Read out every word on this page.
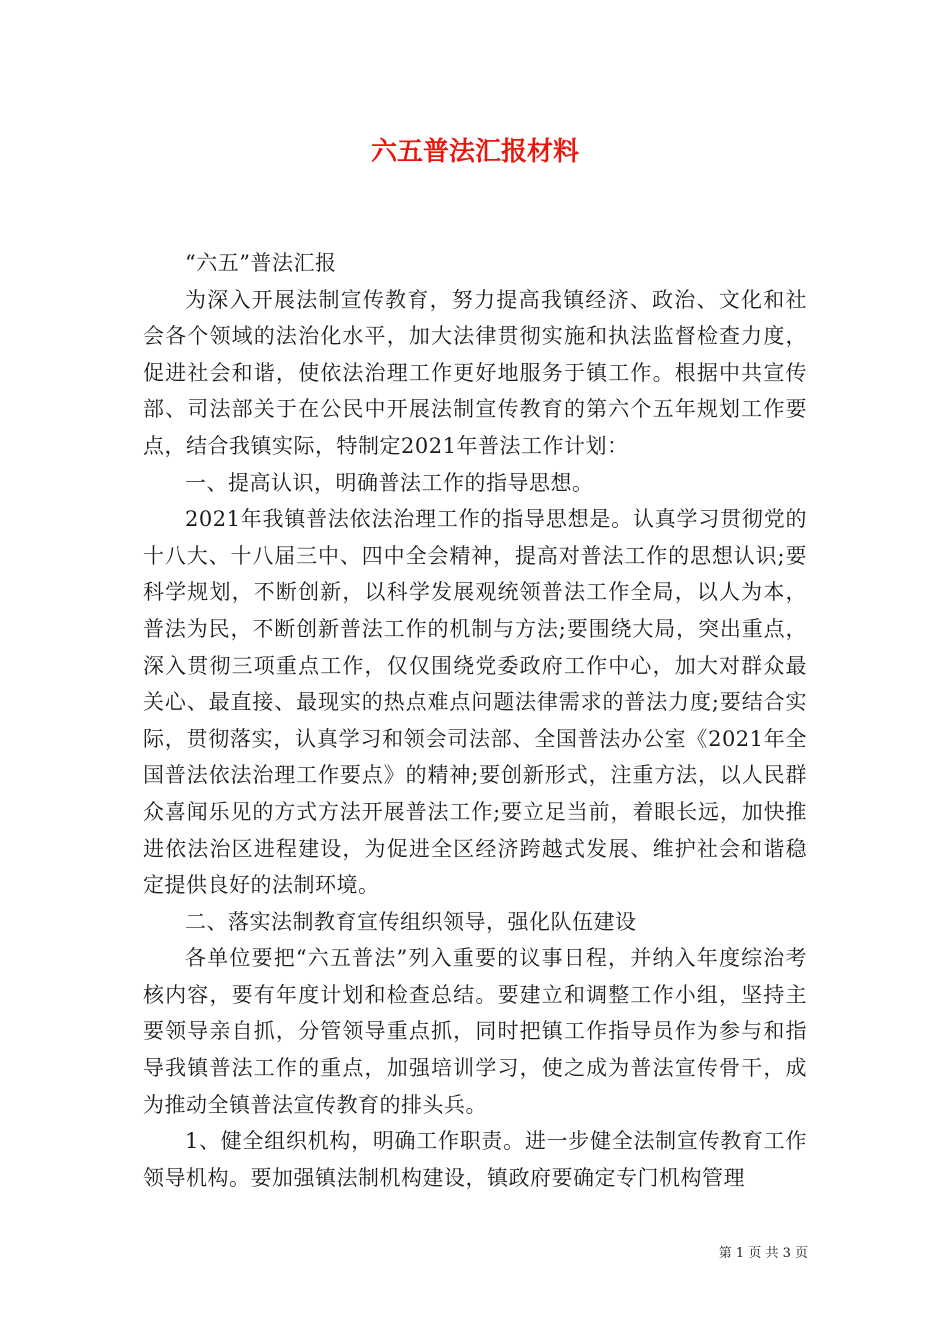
六五普法汇报材料

“六五”普法汇报

为深入开展法制宣传教育，努力提高我镇经济、政治、文化和社会各个领域的法治化水平，加大法律贯彻实施和执法监督检查力度，促进社会和谐，使依法治理工作更好地服务于镇工作。根据中共宣传部、司法部关于在公民中开展法制宣传教育的第六个五年规划工作要点，结合我镇实际，特制定2021年普法工作计划：

一、提高认识，明确普法工作的指导思想。

2021年我镇普法依法治理工作的指导思想是。认真学习贯彻党的十八大、十八届三中、四中全会精神，提高对普法工作的思想认识;要科学规划，不断创新，以科学发展观统领普法工作全局，以人为本，普法为民，不断创新普法工作的机制与方法;要围绕大局，突出重点，深入贯彻三项重点工作，仅仅围绕党委政府工作中心，加大对群众最关心、最直接、最现实的热点难点问题法律需求的普法力度;要结合实际，贯彻落实，认真学习和领会司法部、全国普法办公室《2021年全国普法依法治理工作要点》的精神;要创新形式，注重方法，以人民群众喜闻乐见的方式方法开展普法工作;要立足当前，着眼长远，加快推进依法治区进程建设，为促进全区经济跨越式发展、维护社会和谐稳定提供良好的法制环境。

二、落实法制教育宣传组织领导，强化队伍建设

各单位要把“六五普法”列入重要的议事日程，并纳入年度综治考核内容，要有年度计划和检查总结。要建立和调整工作小组，坚持主要领导亲自抓，分管领导重点抓，同时把镇工作指导员作为参与和指导我镇普法工作的重点，加强培训学习，使之成为普法宣传骨干，成为推动全镇普法宣传教育的排头兵。

1、健全组织机构，明确工作职责。进一步健全法制宣传教育工作领导机构。要加强镇法制机构建设，镇政府要确定专门机构管理

第 1 页 共 3 页
